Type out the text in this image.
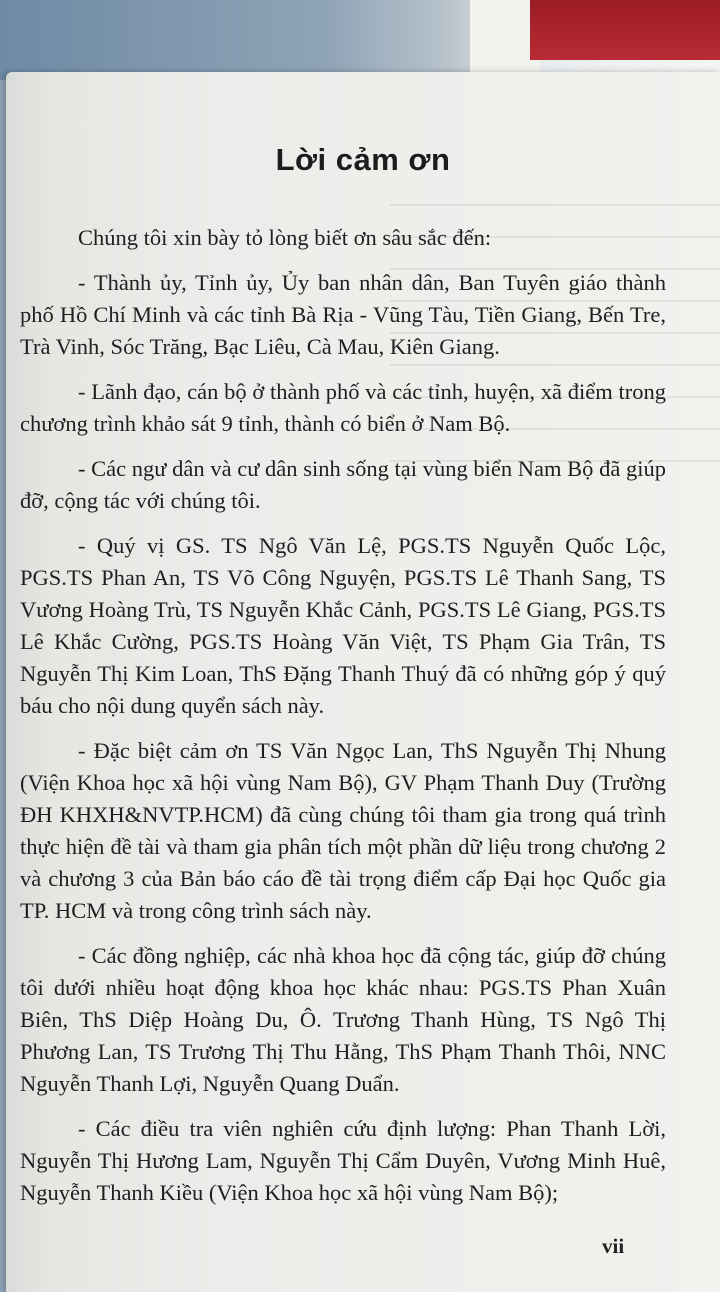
Lời cảm ơn

Chúng tôi xin bày tỏ lòng biết ơn sâu sắc đến:

- Thành ủy, Tỉnh ủy, Ủy ban nhân dân, Ban Tuyên giáo thành phố Hồ Chí Minh và các tỉnh Bà Rịa - Vũng Tàu, Tiền Giang, Bến Tre, Trà Vinh, Sóc Trăng, Bạc Liêu, Cà Mau, Kiên Giang.

- Lãnh đạo, cán bộ ở thành phố và các tỉnh, huyện, xã điểm trong chương trình khảo sát 9 tỉnh, thành có biển ở Nam Bộ.

- Các ngư dân và cư dân sinh sống tại vùng biển Nam Bộ đã giúp đỡ, cộng tác với chúng tôi.

- Quý vị GS. TS Ngô Văn Lệ, PGS.TS Nguyễn Quốc Lộc, PGS.TS Phan An, TS Võ Công Nguyện, PGS.TS Lê Thanh Sang, TS Vương Hoàng Trù, TS Nguyễn Khắc Cảnh, PGS.TS Lê Giang, PGS.TS Lê Khắc Cường, PGS.TS Hoàng Văn Việt, TS Phạm Gia Trân, TS Nguyễn Thị Kim Loan, ThS Đặng Thanh Thuý đã có những góp ý quý báu cho nội dung quyển sách này.

- Đặc biệt cảm ơn TS Văn Ngọc Lan, ThS Nguyễn Thị Nhung (Viện Khoa học xã hội vùng Nam Bộ), GV Phạm Thanh Duy (Trường ĐH KHXH&NVTP.HCM) đã cùng chúng tôi tham gia trong quá trình thực hiện đề tài và tham gia phân tích một phần dữ liệu trong chương 2 và chương 3 của Bản báo cáo đề tài trọng điểm cấp Đại học Quốc gia TP. HCM và trong công trình sách này.

- Các đồng nghiệp, các nhà khoa học đã cộng tác, giúp đỡ chúng tôi dưới nhiều hoạt động khoa học khác nhau: PGS.TS Phan Xuân Biên, ThS Diệp Hoàng Du, Ô. Trương Thanh Hùng, TS Ngô Thị Phương Lan, TS Trương Thị Thu Hằng, ThS Phạm Thanh Thôi, NNC Nguyễn Thanh Lợi, Nguyễn Quang Duẩn.

- Các điều tra viên nghiên cứu định lượng: Phan Thanh Lời, Nguyễn Thị Hương Lam, Nguyễn Thị Cẩm Duyên, Vương Minh Huê, Nguyễn Thanh Kiều (Viện Khoa học xã hội vùng Nam Bộ);

vii
